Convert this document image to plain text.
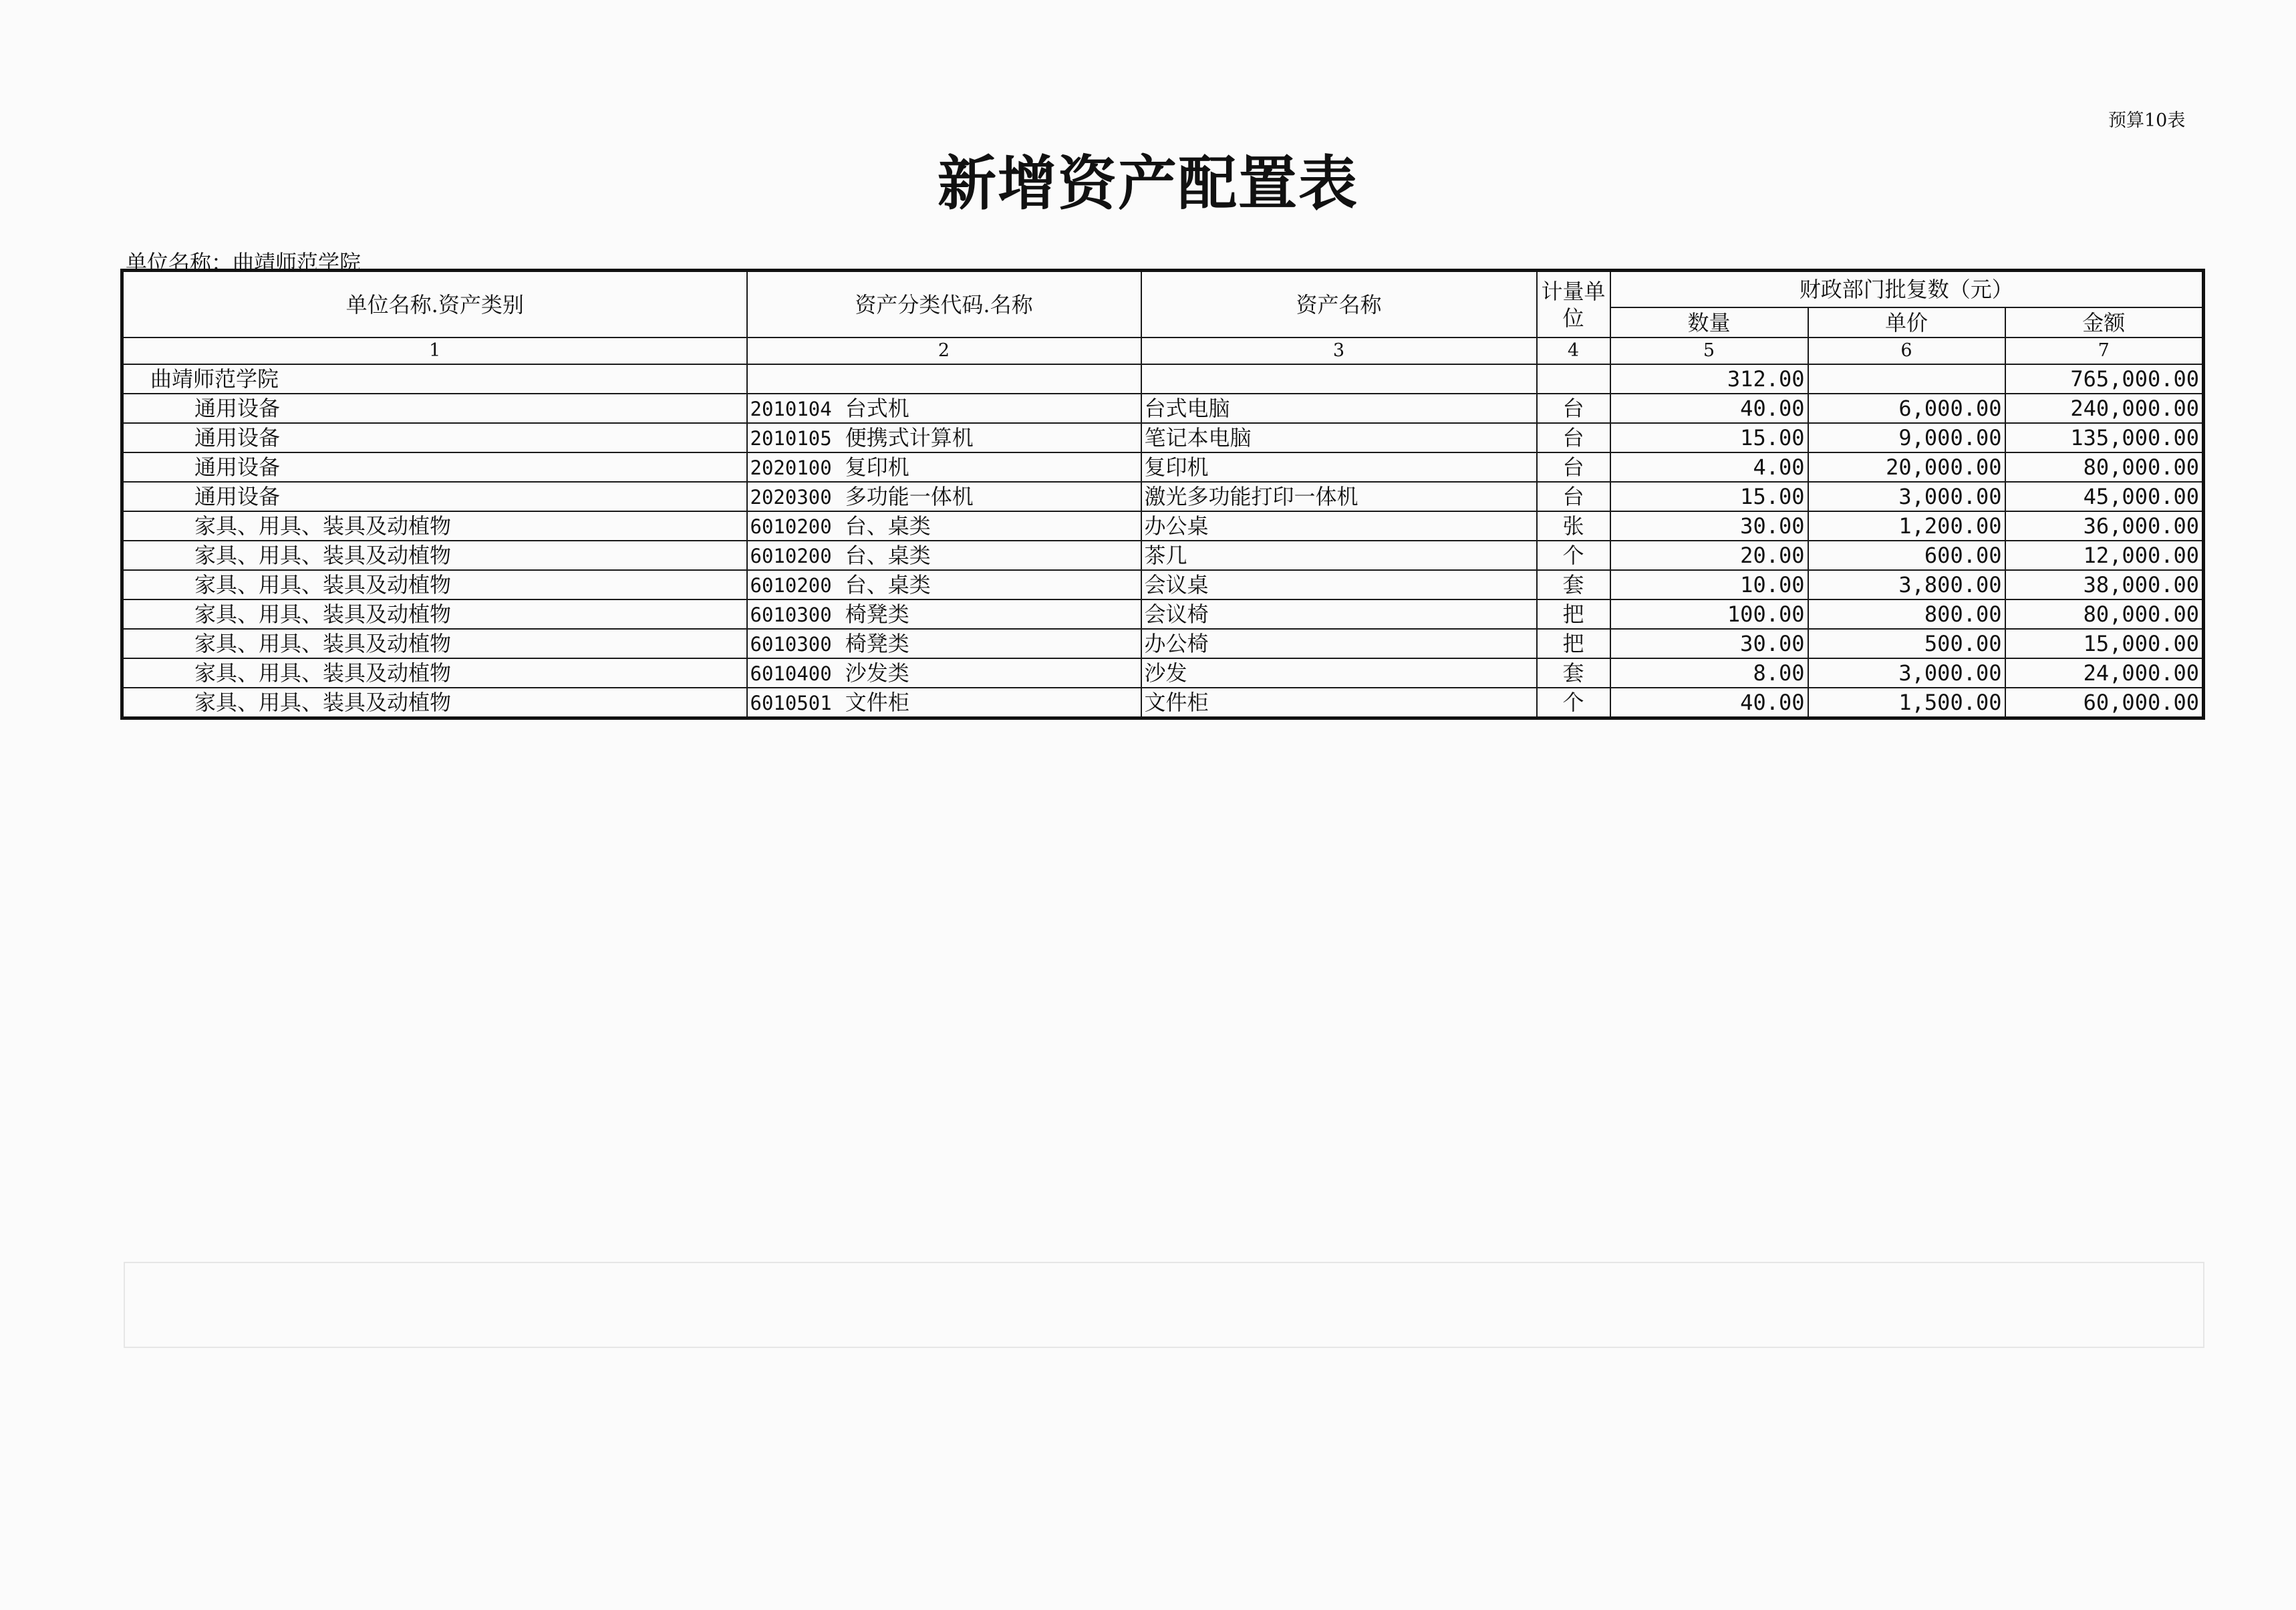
预算10表
新增资产配置表
单位名称：曲靖师范学院
单位名称.资产类别	资产分类代码.名称	资产名称	计量单位	财政部门批复数（元）		
				数量	单价	金额
1	2	3	4	5	6	7
曲靖师范学院				312.00		765,000.00
通用设备	2010104 台式机	台式电脑	台	40.00	6,000.00	240,000.00
通用设备	2010105 便携式计算机	笔记本电脑	台	15.00	9,000.00	135,000.00
通用设备	2020100 复印机	复印机	台	4.00	20,000.00	80,000.00
通用设备	2020300 多功能一体机	激光多功能打印一体机	台	15.00	3,000.00	45,000.00
家具、用具、装具及动植物	6010200 台、桌类	办公桌	张	30.00	1,200.00	36,000.00
家具、用具、装具及动植物	6010200 台、桌类	茶几	个	20.00	600.00	12,000.00
家具、用具、装具及动植物	6010200 台、桌类	会议桌	套	10.00	3,800.00	38,000.00
家具、用具、装具及动植物	6010300 椅凳类	会议椅	把	100.00	800.00	80,000.00
家具、用具、装具及动植物	6010300 椅凳类	办公椅	把	30.00	500.00	15,000.00
家具、用具、装具及动植物	6010400 沙发类	沙发	套	8.00	3,000.00	24,000.00
家具、用具、装具及动植物	6010501 文件柜	文件柜	个	40.00	1,500.00	60,000.00
